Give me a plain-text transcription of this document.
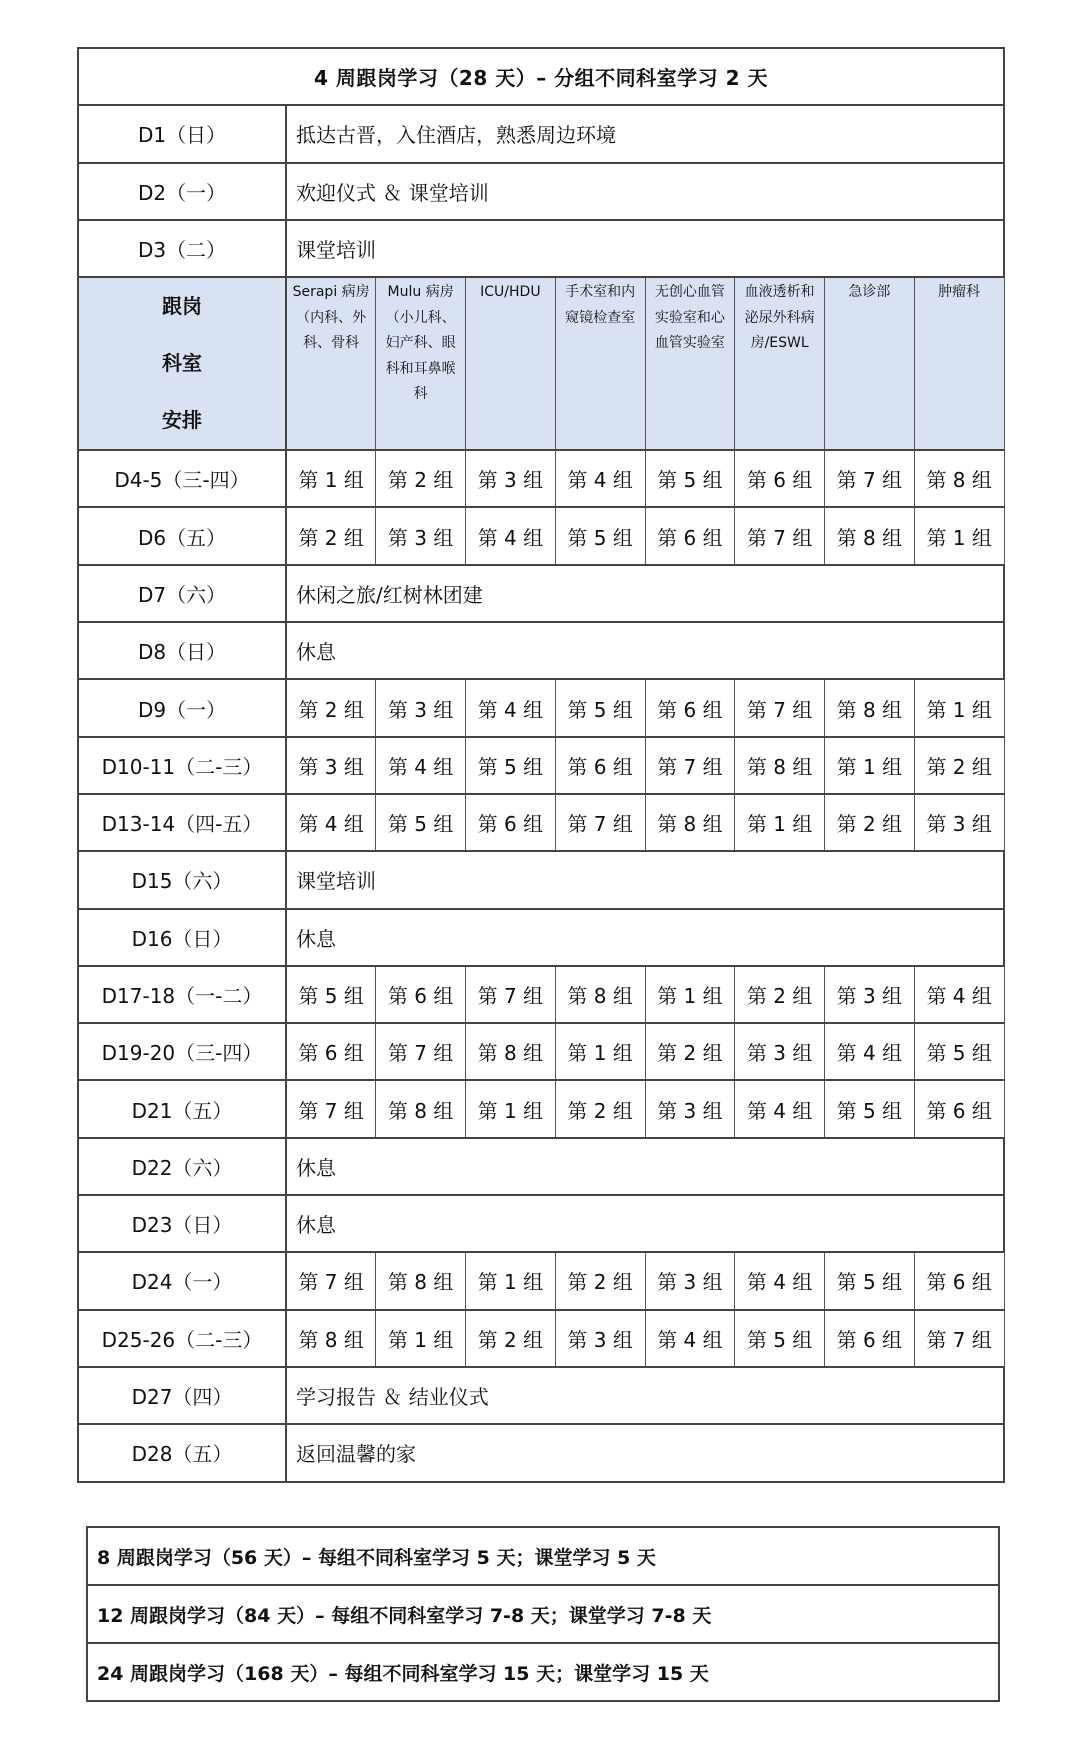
4 周跟岗学习（28 天）– 分组不同科室学习 2 天								
D1（日）	抵达古晋，入住酒店，熟悉周边环境							
D2（一）	欢迎仪式 ＆ 课堂培训							
D3（二）	课堂培训							

跟岗
科室
安排	Serapi 病房（内科、外科、骨科	Mulu 病房（小儿科、妇产科、眼科和耳鼻喉科	ICU/HDU	手术室和内窥镜检查室	无创心血管实验室和心血管实验室	血液透析和泌尿外科病房/ESWL	急诊部	肿瘤科
D4-5（三-四）	第 1 组	第 2 组	第 3 组	第 4 组	第 5 组	第 6 组	第 7 组	第 8 组
D6（五）	第 2 组	第 3 组	第 4 组	第 5 组	第 6 组	第 7 组	第 8 组	第 1 组
D7（六）	休闲之旅/红树林团建							
D8（日）	休息							
D9（一）	第 2 组	第 3 组	第 4 组	第 5 组	第 6 组	第 7 组	第 8 组	第 1 组
D10-11（二-三）	第 3 组	第 4 组	第 5 组	第 6 组	第 7 组	第 8 组	第 1 组	第 2 组
D13-14（四-五）	第 4 组	第 5 组	第 6 组	第 7 组	第 8 组	第 1 组	第 2 组	第 3 组
D15（六）	课堂培训							
D16（日）	休息							
D17-18（一-二）	第 5 组	第 6 组	第 7 组	第 8 组	第 1 组	第 2 组	第 3 组	第 4 组
D19-20（三-四）	第 6 组	第 7 组	第 8 组	第 1 组	第 2 组	第 3 组	第 4 组	第 5 组
D21（五）	第 7 组	第 8 组	第 1 组	第 2 组	第 3 组	第 4 组	第 5 组	第 6 组
D22（六）	休息							
D23（日）	休息							
D24（一）	第 7 组	第 8 组	第 1 组	第 2 组	第 3 组	第 4 组	第 5 组	第 6 组
D25-26（二-三）	第 8 组	第 1 组	第 2 组	第 3 组	第 4 组	第 5 组	第 6 组	第 7 组
D27（四）	学习报告 ＆ 结业仪式							
D28（五）	返回温馨的家							
8 周跟岗学习（56 天）– 每组不同科室学习 5 天；课堂学习 5 天
12 周跟岗学习（84 天）– 每组不同科室学习 7-8 天；课堂学习 7-8 天
24 周跟岗学习（168 天）– 每组不同科室学习 15 天；课堂学习 15 天
